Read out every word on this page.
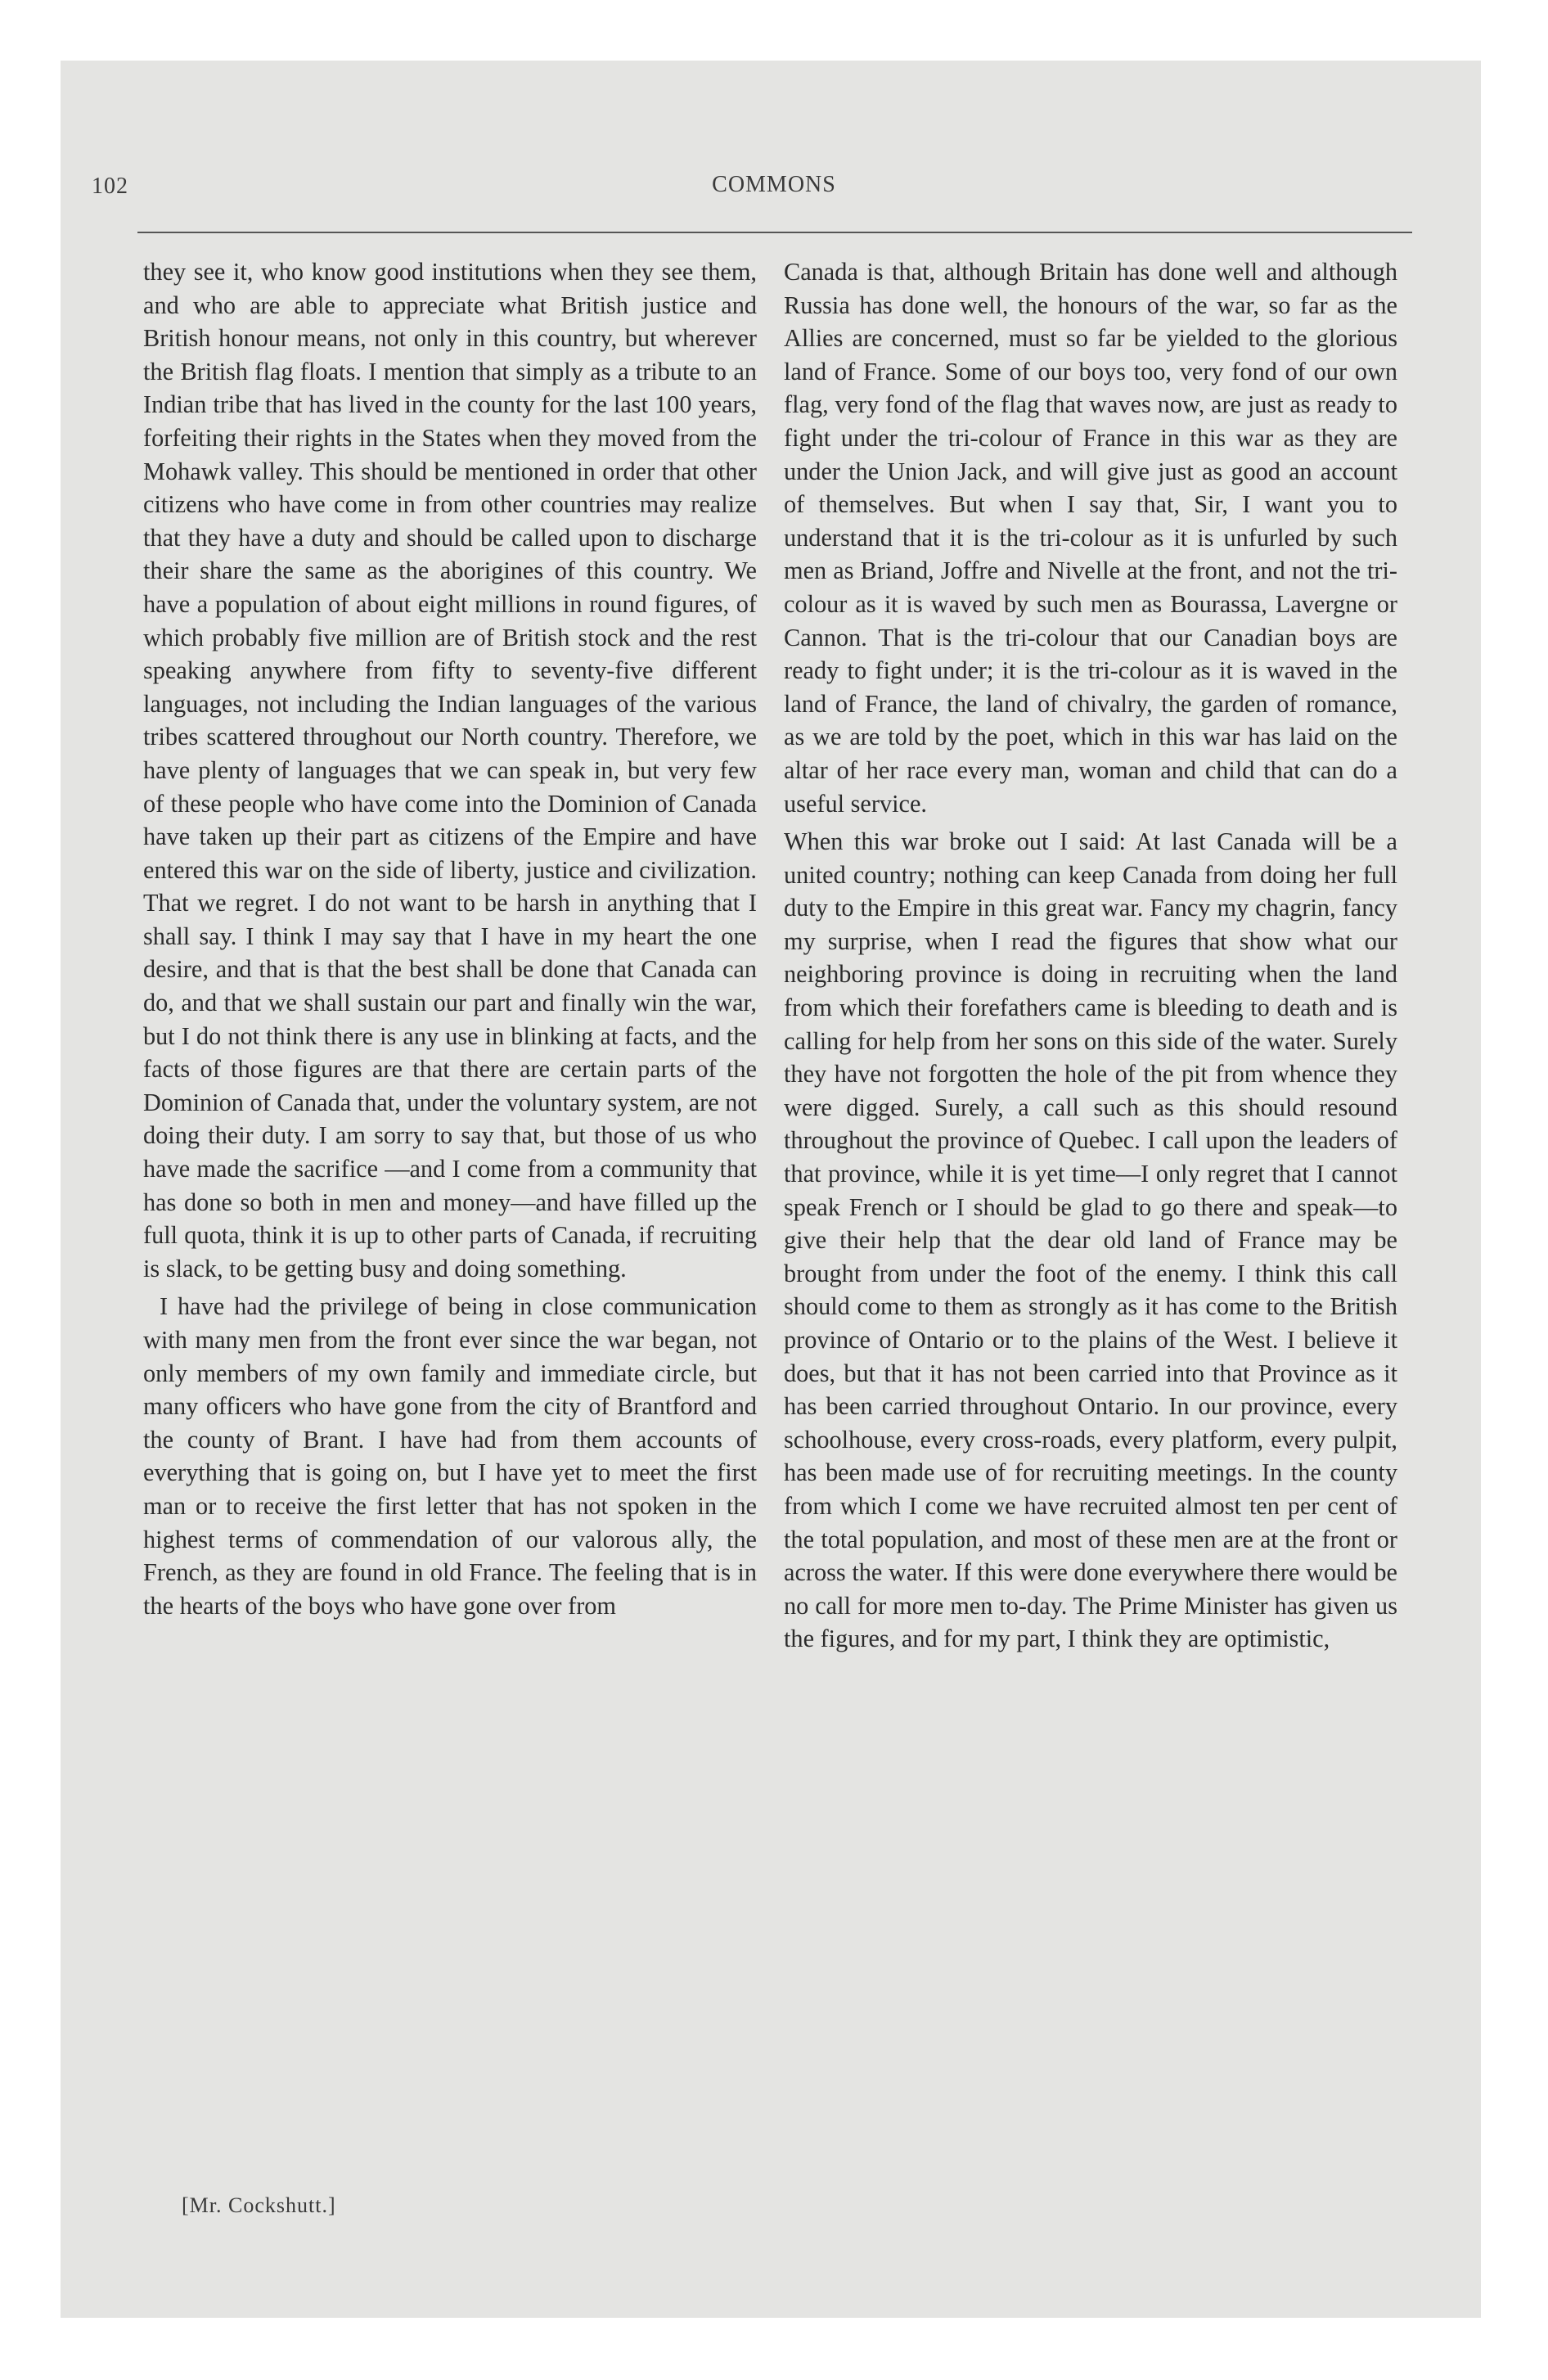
102	COMMONS

they see it, who know good institutions when they see them, and who are able to appreciate what British justice and British honour means, not only in this country, but wherever the British flag floats. I mention that simply as a tribute to an Indian tribe that has lived in the county for the last 100 years, forfeiting their rights in the States when they moved from the Mohawk valley. This should be mentioned in order that other citizens who have come in from other countries may realize that they have a duty and should be called upon to discharge their share the same as the aborigines of this country. We have a population of about eight millions in round figures, of which probably five million are of British stock and the rest speaking anywhere from fifty to seventy-five different languages, not including the Indian languages of the various tribes scattered throughout our North country. Therefore, we have plenty of languages that we can speak in, but very few of these people who have come into the Dominion of Canada have taken up their part as citizens of the Empire and have entered this war on the side of liberty, justice and civilization. That we regret. I do not want to be harsh in anything that I shall say. I think I may say that I have in my heart the one desire, and that is that the best shall be done that Canada can do, and that we shall sustain our part and finally win the war, but I do not think there is any use in blinking at facts, and the facts of those figures are that there are certain parts of the Dominion of Canada that, under the voluntary system, are not doing their duty. I am sorry to say that, but those of us who have made the sacrifice —and I come from a community that has done so both in men and money—and have filled up the full quota, think it is up to other parts of Canada, if recruiting is slack, to be getting busy and doing something.

I have had the privilege of being in close communication with many men from the front ever since the war began, not only members of my own family and immediate circle, but many officers who have gone from the city of Brantford and the county of Brant. I have had from them accounts of everything that is going on, but I have yet to meet the first man or to receive the first letter that has not spoken in the highest terms of commendation of our valorous ally, the French, as they are found in old France. The feeling that is in the hearts of the boys who have gone over from

Canada is that, although Britain has done well and although Russia has done well, the honours of the war, so far as the Allies are concerned, must so far be yielded to the glorious land of France. Some of our boys too, very fond of our own flag, very fond of the flag that waves now, are just as ready to fight under the tri-colour of France in this war as they are under the Union Jack, and will give just as good an account of themselves. But when I say that, Sir, I want you to understand that it is the tri-colour as it is unfurled by such men as Briand, Joffre and Nivelle at the front, and not the tri-colour as it is waved by such men as Bourassa, Lavergne or Cannon. That is the tri-colour that our Canadian boys are ready to fight under; it is the tri-colour as it is waved in the land of France, the land of chivalry, the garden of romance, as we are told by the poet, which in this war has laid on the altar of her race every man, woman and child that can do a useful service.

When this war broke out I said: At last Canada will be a united country; nothing can keep Canada from doing her full duty to the Empire in this great war. Fancy my chagrin, fancy my surprise, when I read the figures that show what our neighboring province is doing in recruiting when the land from which their forefathers came is bleeding to death and is calling for help from her sons on this side of the water. Surely they have not forgotten the hole of the pit from whence they were digged. Surely, a call such as this should resound throughout the province of Quebec. I call upon the leaders of that province, while it is yet time—I only regret that I cannot speak French or I should be glad to go there and speak—to give their help that the dear old land of France may be brought from under the foot of the enemy. I think this call should come to them as strongly as it has come to the British province of Ontario or to the plains of the West. I believe it does, but that it has not been carried into that Province as it has been carried throughout Ontario. In our province, every schoolhouse, every cross-roads, every platform, every pulpit, has been made use of for recruiting meetings. In the county from which I come we have recruited almost ten per cent of the total population, and most of these men are at the front or across the water. If this were done everywhere there would be no call for more men to-day. The Prime Minister has given us the figures, and for my part, I think they are optimistic,

[Mr. Cockshutt.]
